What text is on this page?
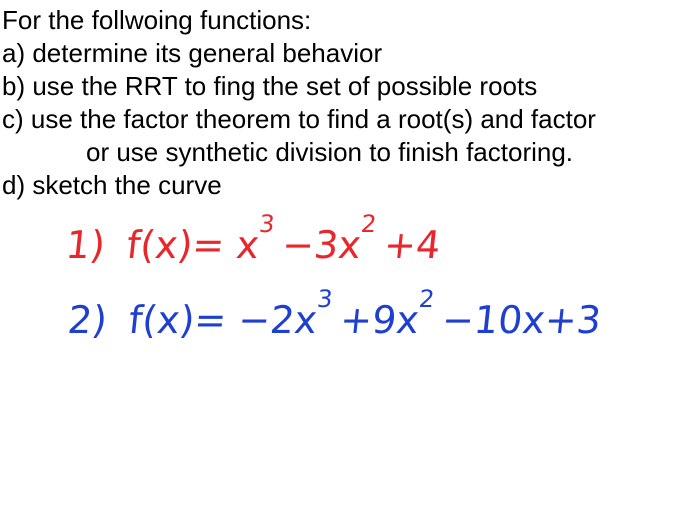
For the follwoing functions:
a) determine its general behavior
b) use the RRT to fing the set of possible roots
c) use the factor theorem to find a root(s) and factor
or use synthetic division to finish factoring.
d) sketch the curve
1) $f(x)= x^3 -3x^2 +4$
2) $f(x)= -2x^3 +9x^2 -10x+3$
